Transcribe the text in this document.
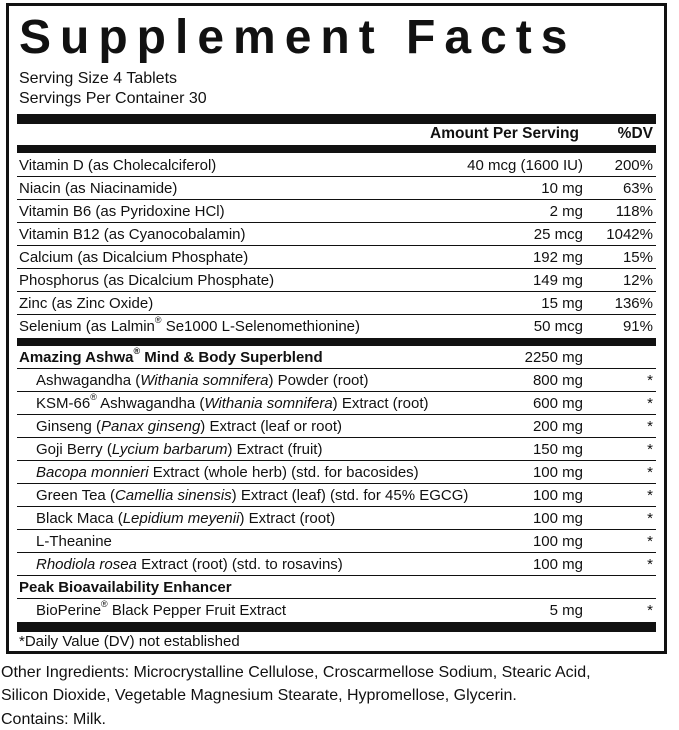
Supplement Facts
Serving Size 4 Tablets
Servings Per Container 30
Amount Per Serving %DV
Vitamin D (as Cholecalciferol)	40 mcg (1600 IU) 200%
Niacin (as Niacinamide)	10 mg	63%
Vitamin B6 (as Pyridoxine HCl)	2 mg 118%
Vitamin B12 (as Cyanocobalamin)	25 mcg 1042%
Calcium (as Dicalcium Phosphate)	192 mg	15%
Phosphorus (as Dicalcium Phosphate)	149 mg	12%
Zinc (as Zinc Oxide)	15 mg 136%
Selenium (as Lalmin® Se1000 L-Selenomethionine)	50 mcg	91%
Amazing Ashwa® Mind & Body Superblend	2250 mg
Ashwagandha (Withania somnifera) Powder (root)	800 mg	*
KSM-66® Ashwagandha (Withania somnifera) Extract (root)	600 mg	*
Ginseng (Panax ginseng) Extract (leaf or root)	200 mg	*
Goji Berry (Lycium barbarum) Extract (fruit)	150 mg	*
Bacopa monnieri Extract (whole herb) (std. for bacosides)	100 mg	*
Green Tea (Camellia sinensis) Extract (leaf) (std. for 45% EGCG)	100 mg	*
Black Maca (Lepidium meyenii) Extract (root)	100 mg	*
L-Theanine	100 mg	*
Rhodiola rosea Extract (root) (std. to rosavins)	100 mg	*
Peak Bioavailability Enhancer
BioPerine® Black Pepper Fruit Extract	5 mg	*
*Daily Value (DV) not established
Other Ingredients: Microcrystalline Cellulose, Croscarmellose Sodium, Stearic Acid,
Silicon Dioxide, Vegetable Magnesium Stearate, Hypromellose, Glycerin.
Contains: Milk.
